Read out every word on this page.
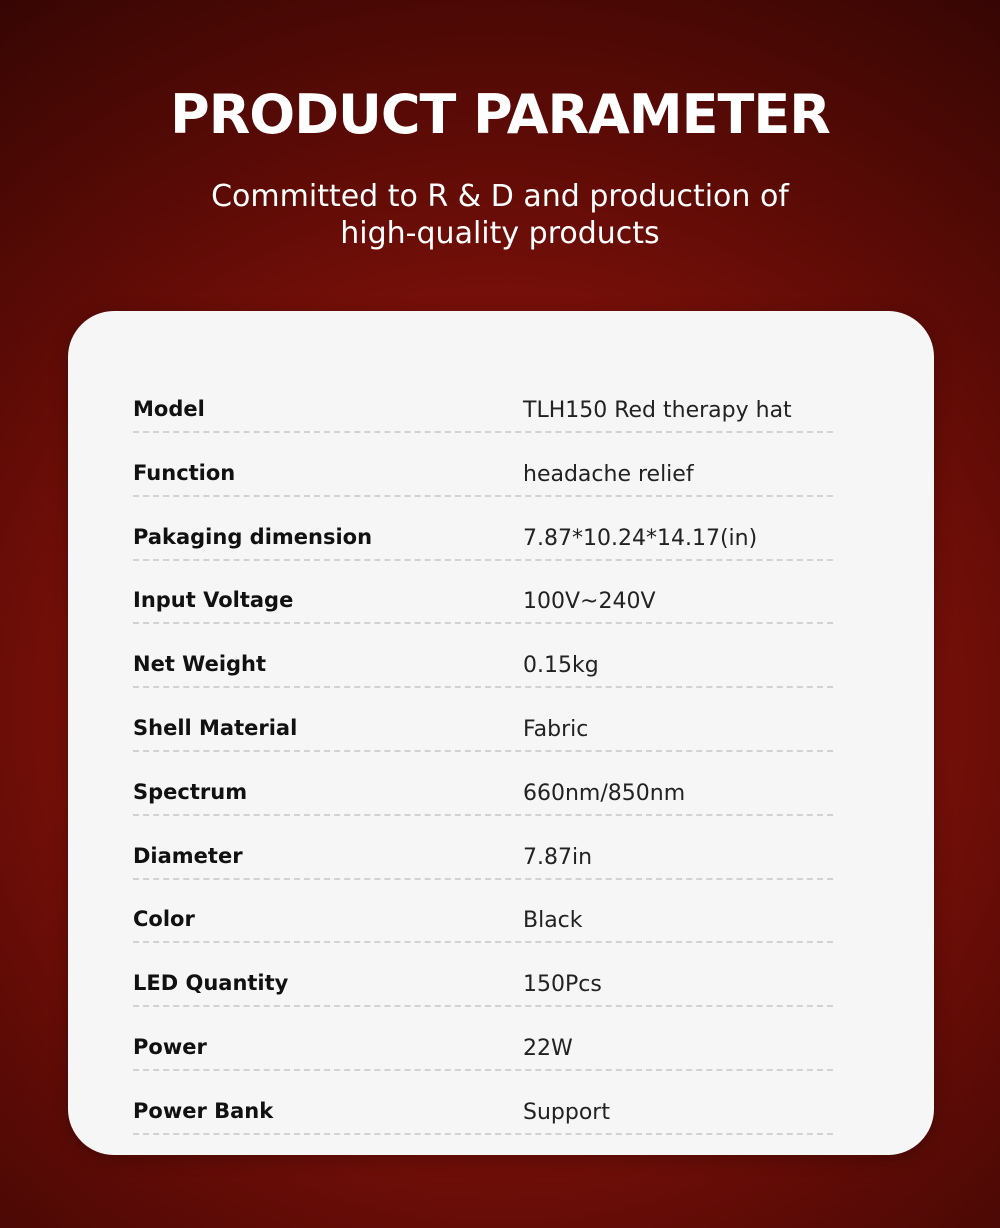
PRODUCT PARAMETER
Committed to R & D and production of
high-quality products
Model	TLH150 Red therapy hat
Function	headache relief
Pakaging dimension	7.87*10.24*14.17(in)
Input Voltage	100V~240V
Net Weight	0.15kg
Shell Material	Fabric
Spectrum	660nm/850nm
Diameter	7.87in
Color	Black
LED Quantity	150Pcs
Power	22W
Power Bank	Support
